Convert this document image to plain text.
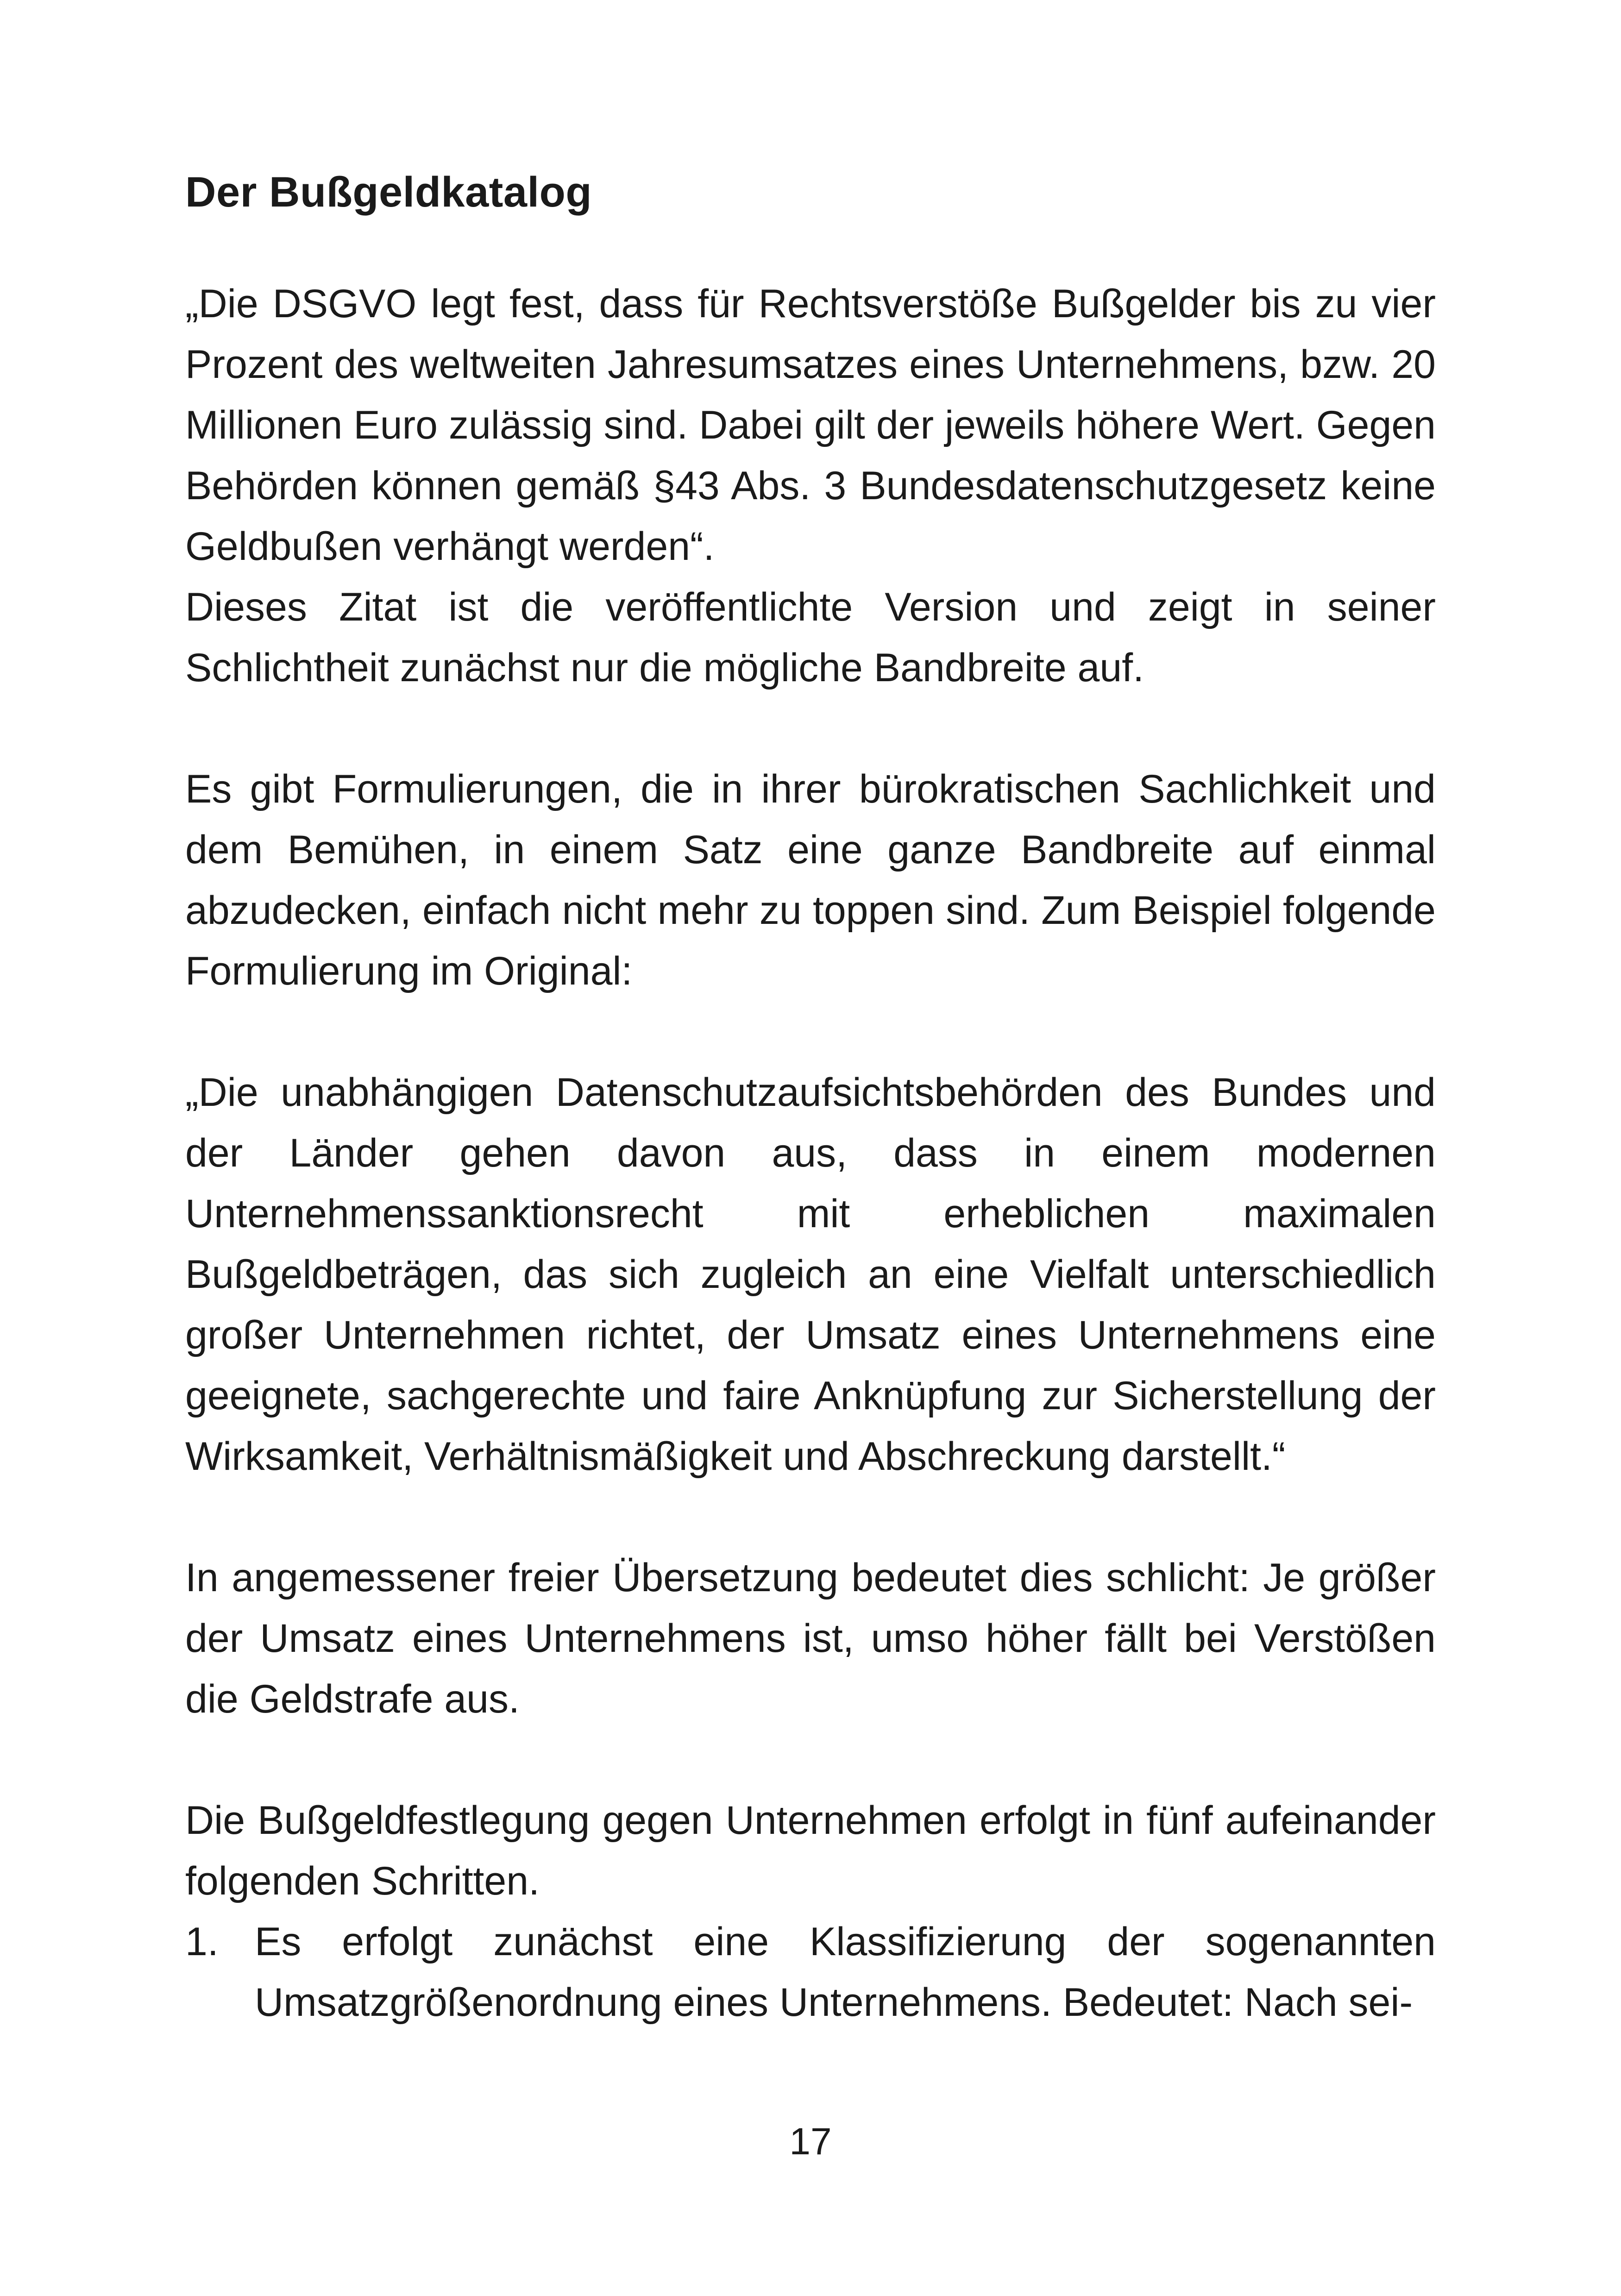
Der Bußgeldkatalog

„Die DSGVO legt fest, dass für Rechtsverstöße Bußgelder bis zu vier Prozent des weltweiten Jahresumsatzes eines Unternehmens, bzw. 20 Millionen Euro zulässig sind. Dabei gilt der jeweils höhere Wert. Gegen Behörden können gemäß §43 Abs. 3 Bundesdatenschutzgesetz keine Geldbußen verhängt werden“.

Dieses Zitat ist die veröffentlichte Version und zeigt in seiner Schlichtheit zunächst nur die mögliche Bandbreite auf.

Es gibt Formulierungen, die in ihrer bürokratischen Sachlichkeit und dem Bemühen, in einem Satz eine ganze Bandbreite auf einmal abzudecken, einfach nicht mehr zu toppen sind. Zum Beispiel folgende Formulierung im Original:

„Die unabhängigen Datenschutzaufsichtsbehörden des Bundes und der Länder gehen davon aus, dass in einem modernen Unternehmenssanktionsrecht mit erheblichen maximalen Bußgeldbeträgen, das sich zugleich an eine Vielfalt unterschiedlich großer Unternehmen richtet, der Umsatz eines Unternehmens eine geeignete, sachgerechte und faire Anknüpfung zur Sicherstellung der Wirksamkeit, Verhältnismäßigkeit und Abschreckung darstellt.“

In angemessener freier Übersetzung bedeutet dies schlicht: Je größer der Umsatz eines Unternehmens ist, umso höher fällt bei Verstößen die Geldstrafe aus.

Die Bußgeldfestlegung gegen Unternehmen erfolgt in fünf aufeinander folgenden Schritten.

1. Es erfolgt zunächst eine Klassifizierung der sogenannten Umsatzgrößenordnung eines Unternehmens. Bedeutet: Nach sei-
17
